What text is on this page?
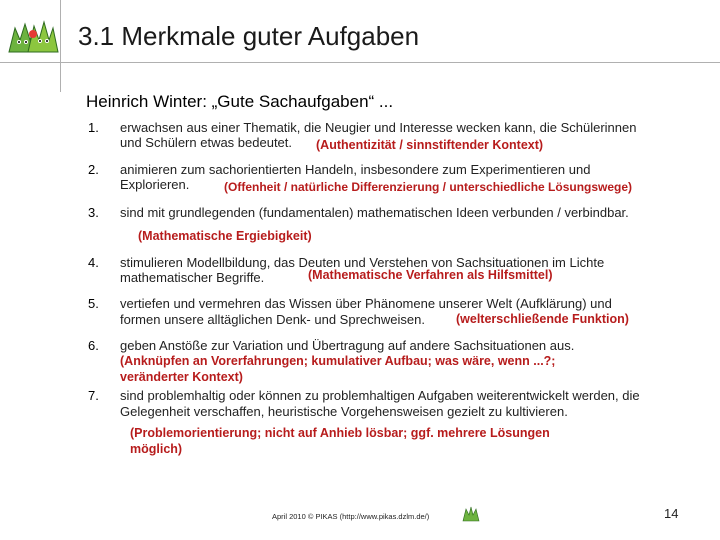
3.1 Merkmale guter Aufgaben
Heinrich Winter: „Gute Sachaufgaben“ ...
1. erwachsen aus einer Thematik, die Neugier und Interesse wecken kann, die Schülerinnen
und Schülern etwas bedeutet. (Authentizität / sinnstiftender Kontext)
2. animieren zum sachorientierten Handeln, insbesondere zum Experimentieren und
Explorieren.	(Offenheit / natürliche Differenzierung / unterschiedliche Lösungswege)
3. sind mit grundlegenden (fundamentalen) mathematischen Ideen verbunden / verbindbar.
(Mathematische Ergiebigkeit)
4. stimulieren Modellbildung, das Deuten und Verstehen von Sachsituationen im Lichte
mathematischer Begriffe.	(Mathematische Verfahren als Hilfsmittel)
5. vertiefen und vermehren das Wissen über Phänomene unserer Welt (Aufklärung) und
formen unsere alltäglichen Denk- und Sprechweisen. (welterschließende Funktion)
6. geben Anstöße zur Variation und Übertragung auf andere Sachsituationen aus.
(Anknüpfen an Vorerfahrungen; kumulativer Aufbau; was wäre, wenn ...?;
veränderter Kontext)
7. sind problemhaltig oder können zu problemhaltigen Aufgaben weiterentwickelt werden, die
Gelegenheit verschaffen, heuristische Vorgehensweisen gezielt zu kultivieren.
(Problemorientierung; nicht auf Anhieb lösbar; ggf. mehrere Lösungen
möglich)
April 2010 © PIKAS (http://www.pikas.dzlm.de/)	14
